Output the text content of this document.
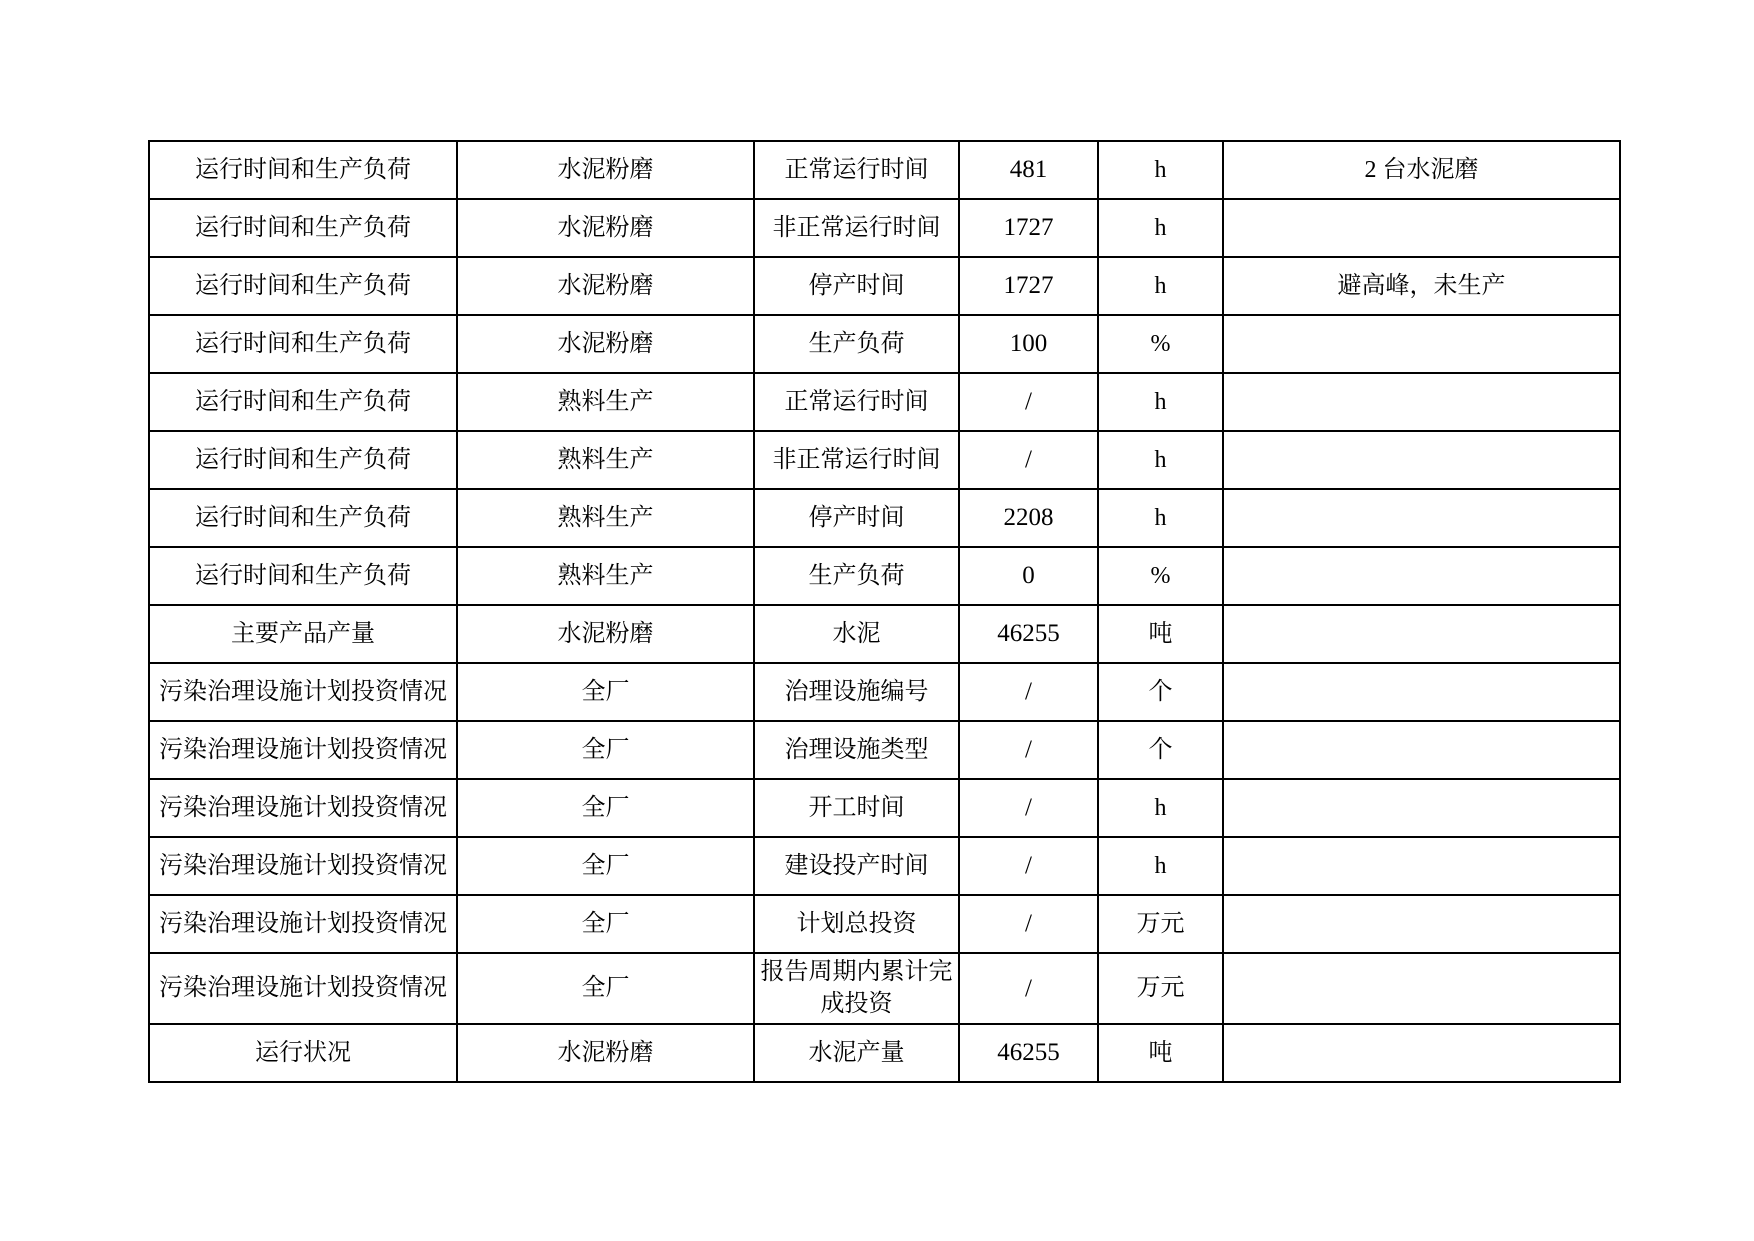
运行时间和生产负荷	水泥粉磨	正常运行时间	481	h	2 台水泥磨
运行时间和生产负荷	水泥粉磨	非正常运行时间	1727	h	
运行时间和生产负荷	水泥粉磨	停产时间	1727	h	避高峰，未生产
运行时间和生产负荷	水泥粉磨	生产负荷	100	%	
运行时间和生产负荷	熟料生产	正常运行时间	/	h	
运行时间和生产负荷	熟料生产	非正常运行时间	/	h	
运行时间和生产负荷	熟料生产	停产时间	2208	h	
运行时间和生产负荷	熟料生产	生产负荷	0	%	
主要产品产量	水泥粉磨	水泥	46255	吨	
污染治理设施计划投资情况	全厂	治理设施编号	/	个	
污染治理设施计划投资情况	全厂	治理设施类型	/	个	
污染治理设施计划投资情况	全厂	开工时间	/	h	
污染治理设施计划投资情况	全厂	建设投产时间	/	h	
污染治理设施计划投资情况	全厂	计划总投资	/	万元	
污染治理设施计划投资情况	全厂	报告周期内累计完成投资	/	万元	
运行状况	水泥粉磨	水泥产量	46255	吨	
